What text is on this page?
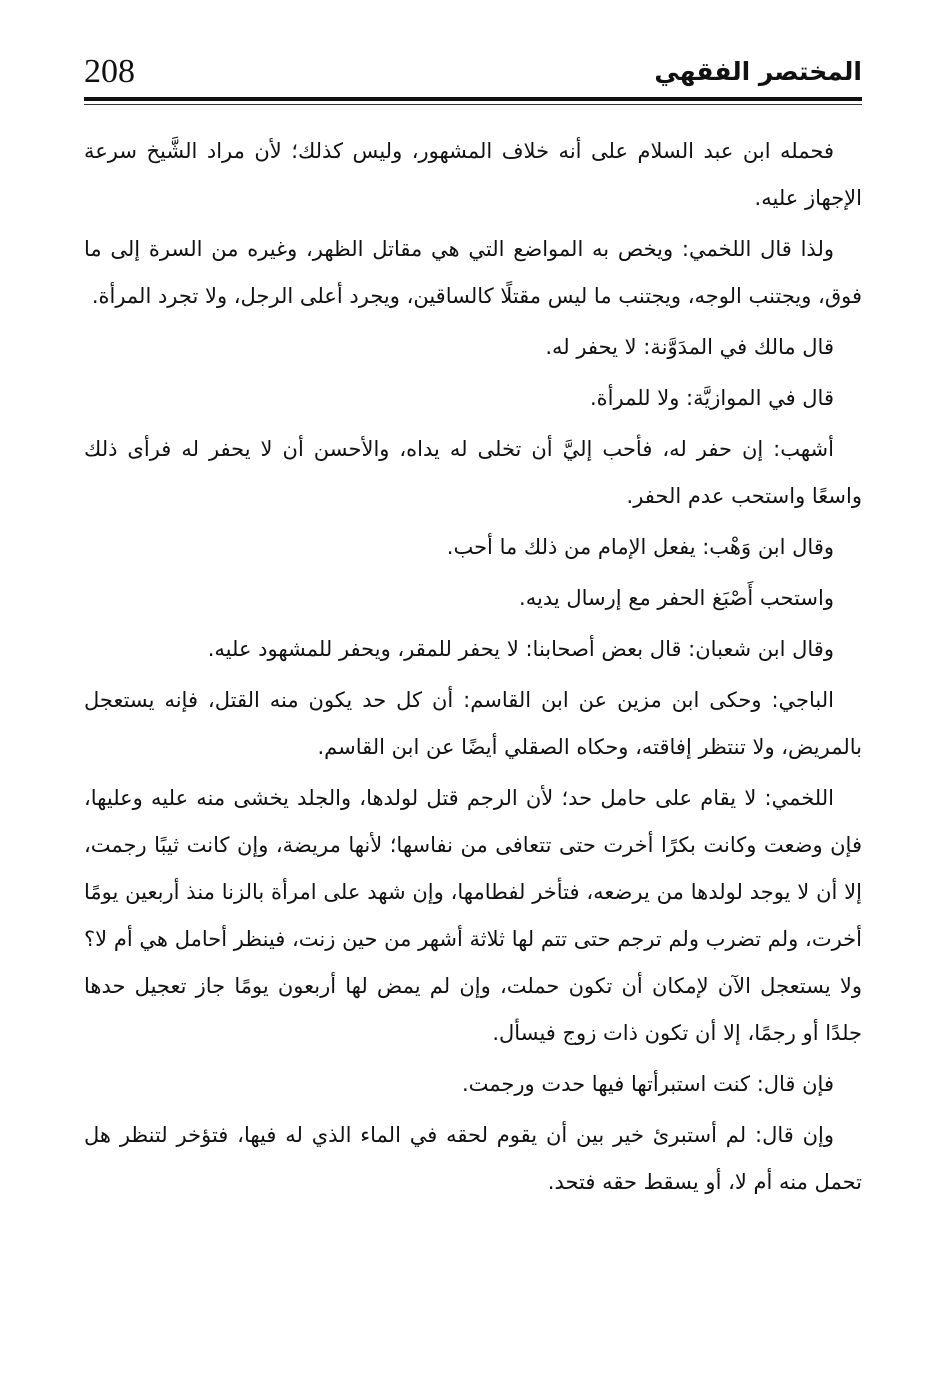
208	المختصر الفقهي

فحمله ابن عبد السلام على أنه خلاف المشهور، وليس كذلك؛ لأن مراد الشَّيخ سرعة الإجهاز عليه.

ولذا قال اللخمي: ويخص به المواضع التي هي مقاتل الظهر، وغيره من السرة إلى ما فوق، ويجتنب الوجه، ويجتنب ما ليس مقتلًا كالساقين، ويجرد أعلى الرجل، ولا تجرد المرأة.

قال مالك في المدَوَّنة: لا يحفر له.

قال في الموازيَّة: ولا للمرأة.

أشهب: إن حفر له، فأحب إليَّ أن تخلى له يداه، والأحسن أن لا يحفر له فرأى ذلك واسعًا واستحب عدم الحفر.

وقال ابن وَهْب: يفعل الإمام من ذلك ما أحب.

واستحب أَصْبَغ الحفر مع إرسال يديه.

وقال ابن شعبان: قال بعض أصحابنا: لا يحفر للمقر، ويحفر للمشهود عليه.

الباجي: وحكى ابن مزين عن ابن القاسم: أن كل حد يكون منه القتل، فإنه يستعجل بالمريض، ولا تنتظر إفاقته، وحكاه الصقلي أيضًا عن ابن القاسم.

اللخمي: لا يقام على حامل حد؛ لأن الرجم قتل لولدها، والجلد يخشى منه عليه وعليها، فإن وضعت وكانت بكرًا أخرت حتى تتعافى من نفاسها؛ لأنها مريضة، وإن كانت ثيبًا رجمت، إلا أن لا يوجد لولدها من يرضعه، فتأخر لفطامها، وإن شهد على امرأة بالزنا منذ أربعين يومًا أخرت، ولم تضرب ولم ترجم حتى تتم لها ثلاثة أشهر من حين زنت، فينظر أحامل هي أم لا؟ ولا يستعجل الآن لإمكان أن تكون حملت، وإن لم يمض لها أربعون يومًا جاز تعجيل حدها جلدًا أو رجمًا، إلا أن تكون ذات زوج فيسأل.

فإن قال: كنت استبرأتها فيها حدت ورجمت.

وإن قال: لم أستبرئ خير بين أن يقوم لحقه في الماء الذي له فيها، فتؤخر لتنظر هل تحمل منه أم لا، أو يسقط حقه فتحد.
